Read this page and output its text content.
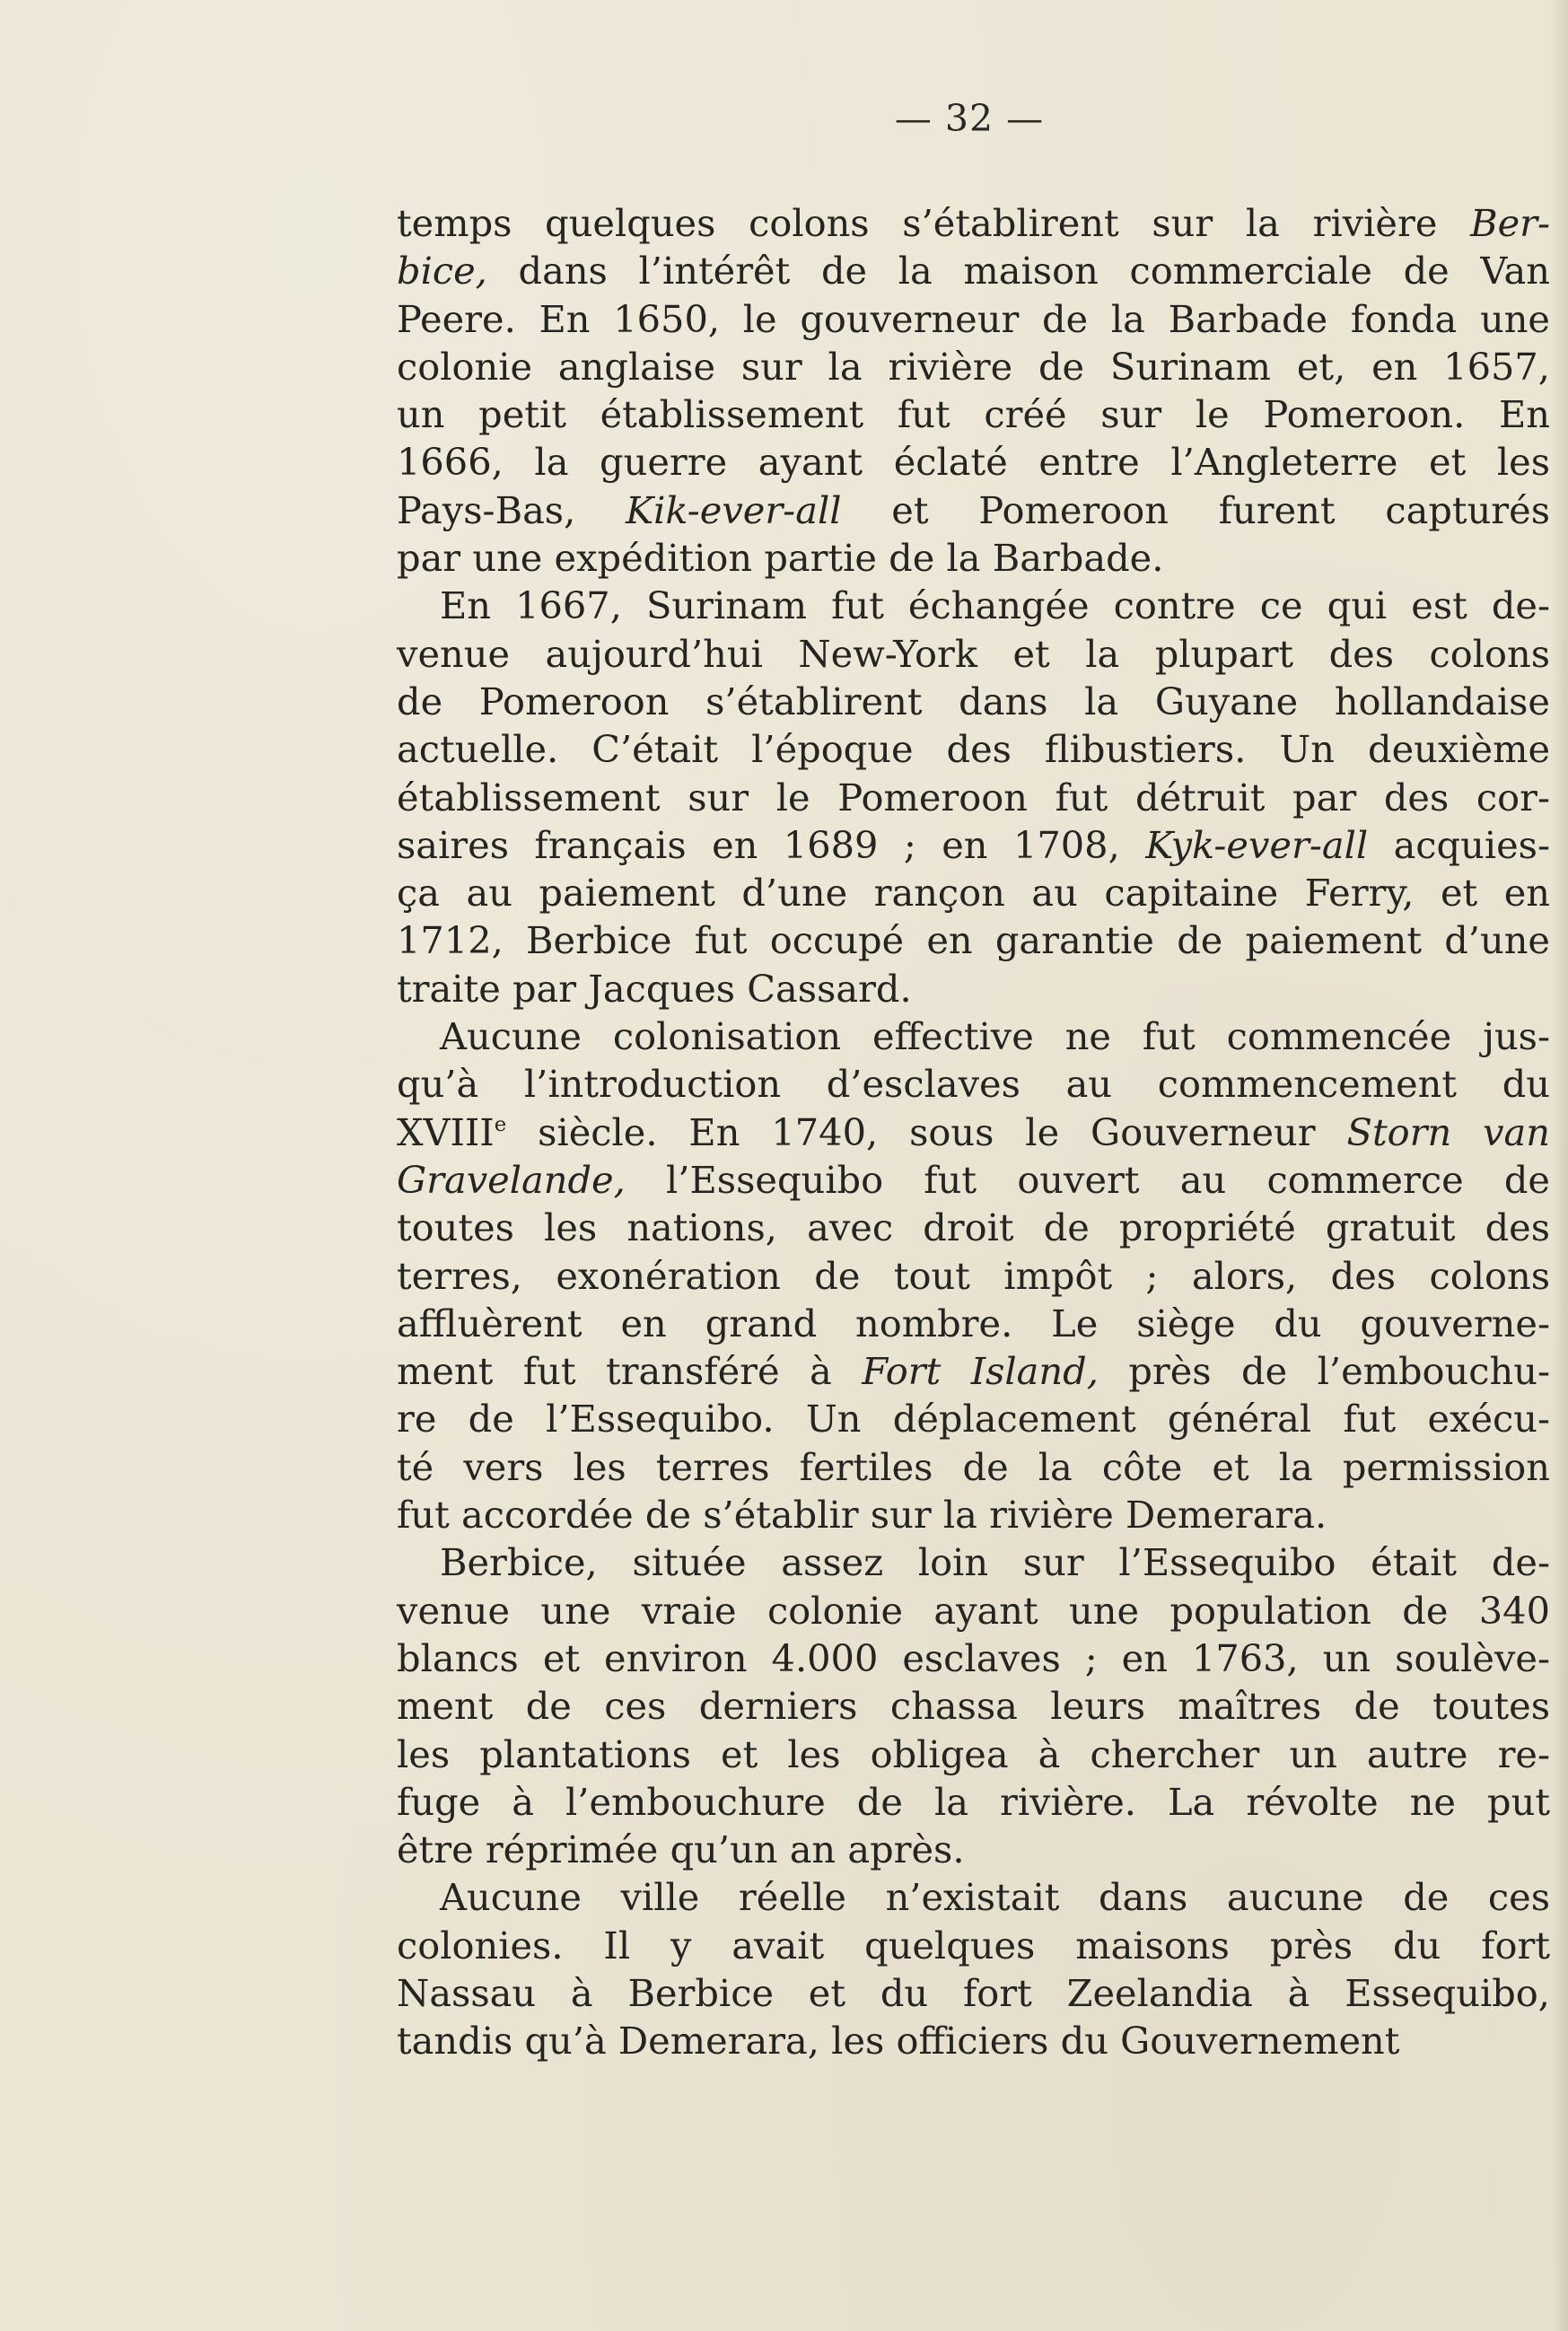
— 32 —

temps quelques colons s’établirent sur la rivière Ber-
bice, dans l’intérêt de la maison commerciale de Van
Peere. En 1650, le gouverneur de la Barbade fonda une
colonie anglaise sur la rivière de Surinam et, en 1657,
un petit établissement fut créé sur le Pomeroon. En
1666, la guerre ayant éclaté entre l’Angleterre et les
Pays-Bas, Kik-ever-all et Pomeroon furent capturés
par une expédition partie de la Barbade.

En 1667, Surinam fut échangée contre ce qui est de-
venue aujourd’hui New-York et la plupart des colons
de Pomeroon s’établirent dans la Guyane hollandaise
actuelle. C’était l’époque des flibustiers. Un deuxième
établissement sur le Pomeroon fut détruit par des cor-
saires français en 1689 ; en 1708, Kyk-ever-all acquies-
ça au paiement d’une rançon au capitaine Ferry, et en
1712, Berbice fut occupé en garantie de paiement d’une
traite par Jacques Cassard.

Aucune colonisation effective ne fut commencée jus-
qu’à l’introduction d’esclaves au commencement du
XVIIIe siècle. En 1740, sous le Gouverneur Storn van
Gravelande, l’Essequibo fut ouvert au commerce de
toutes les nations, avec droit de propriété gratuit des
terres, exonération de tout impôt ; alors, des colons
affluèrent en grand nombre. Le siège du gouverne-
ment fut transféré à Fort Island, près de l’embouchu-
re de l’Essequibo. Un déplacement général fut exécu-
té vers les terres fertiles de la côte et la permission
fut accordée de s’établir sur la rivière Demerara.

Berbice, située assez loin sur l’Essequibo était de-
venue une vraie colonie ayant une population de 340
blancs et environ 4.000 esclaves ; en 1763, un soulève-
ment de ces derniers chassa leurs maîtres de toutes
les plantations et les obligea à chercher un autre re-
fuge à l’embouchure de la rivière. La révolte ne put
être réprimée qu’un an après.

Aucune ville réelle n’existait dans aucune de ces
colonies. Il y avait quelques maisons près du fort
Nassau à Berbice et du fort Zeelandia à Essequibo,
tandis qu’à Demerara, les officiers du Gouvernement
